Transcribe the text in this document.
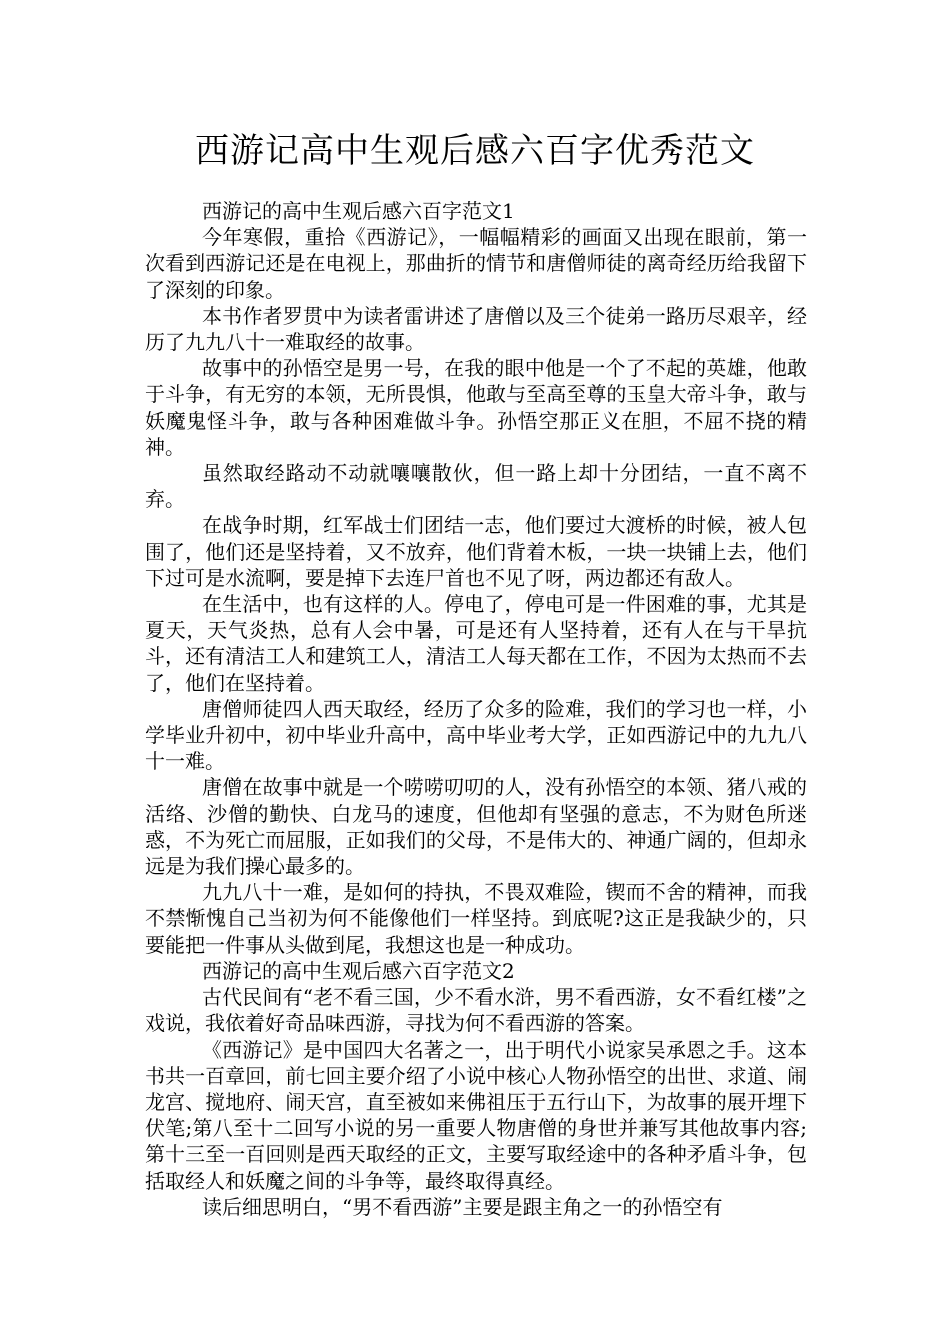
西游记高中生观后感六百字优秀范文

西游记的高中生观后感六百字范文1

今年寒假，重拾《西游记》，一幅幅精彩的画面又出现在眼前，第一次看到西游记还是在电视上，那曲折的情节和唐僧师徒的离奇经历给我留下了深刻的印象。

本书作者罗贯中为读者雷讲述了唐僧以及三个徒弟一路历尽艰辛，经历了九九八十一难取经的故事。

故事中的孙悟空是男一号，在我的眼中他是一个了不起的英雄，他敢于斗争，有无穷的本领，无所畏惧，他敢与至高至尊的玉皇大帝斗争，敢与妖魔鬼怪斗争，敢与各种困难做斗争。孙悟空那正义在胆，不屈不挠的精神。

虽然取经路动不动就嚷嚷散伙，但一路上却十分团结，一直不离不弃。

在战争时期，红军战士们团结一志，他们要过大渡桥的时候，被人包围了，他们还是坚持着，又不放弃，他们背着木板，一块一块铺上去，他们下过可是水流啊，要是掉下去连尸首也不见了呀，两边都还有敌人。

在生活中，也有这样的人。停电了，停电可是一件困难的事，尤其是夏天，天气炎热，总有人会中暑，可是还有人坚持着，还有人在与干旱抗斗，还有清洁工人和建筑工人，清洁工人每天都在工作，不因为太热而不去了，他们在坚持着。

唐僧师徒四人西天取经，经历了众多的险难，我们的学习也一样，小学毕业升初中，初中毕业升高中，高中毕业考大学，正如西游记中的九九八十一难。

唐僧在故事中就是一个唠唠叨叨的人，没有孙悟空的本领、猪八戒的活络、沙僧的勤快、白龙马的速度，但他却有坚强的意志，不为财色所迷惑，不为死亡而屈服，正如我们的父母，不是伟大的、神通广阔的，但却永远是为我们操心最多的。

九九八十一难，是如何的持执，不畏双难险，锲而不舍的精神，而我不禁惭愧自己当初为何不能像他们一样坚持。到底呢?这正是我缺少的，只要能把一件事从头做到尾，我想这也是一种成功。

西游记的高中生观后感六百字范文2

古代民间有“老不看三国，少不看水浒，男不看西游，女不看红楼”之戏说，我依着好奇品味西游，寻找为何不看西游的答案。

《西游记》是中国四大名著之一，出于明代小说家吴承恩之手。这本书共一百章回，前七回主要介绍了小说中核心人物孙悟空的出世、求道、闹龙宫、搅地府、闹天宫，直至被如来佛祖压于五行山下，为故事的展开埋下伏笔;第八至十二回写小说的另一重要人物唐僧的身世并兼写其他故事内容;第十三至一百回则是西天取经的正文，主要写取经途中的各种矛盾斗争，包括取经人和妖魔之间的斗争等，最终取得真经。

读后细思明白，“男不看西游”主要是跟主角之一的孙悟空有
